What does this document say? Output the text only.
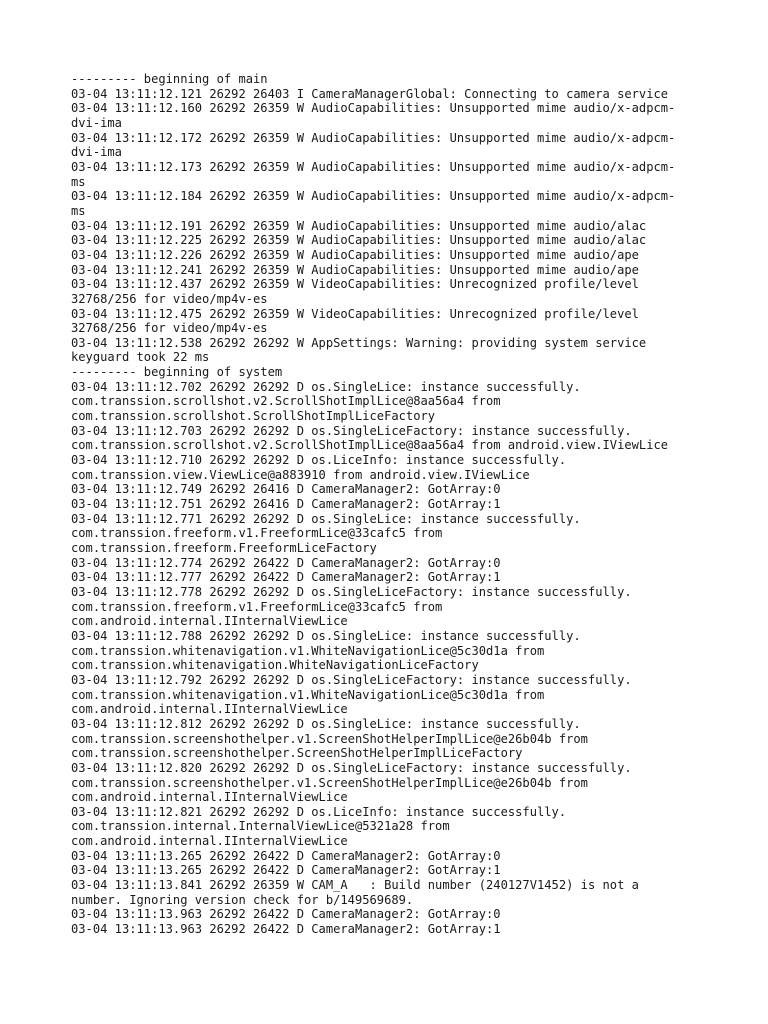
--------- beginning of main

03-04 13:11:12.121 26292 26403 I CameraManagerGlobal: Connecting to camera service

03-04 13:11:12.160 26292 26359 W AudioCapabilities: Unsupported mime audio/x-adpcm-

dvi-ima

03-04 13:11:12.172 26292 26359 W AudioCapabilities: Unsupported mime audio/x-adpcm-

dvi-ima

03-04 13:11:12.173 26292 26359 W AudioCapabilities: Unsupported mime audio/x-adpcm-

ms

03-04 13:11:12.184 26292 26359 W AudioCapabilities: Unsupported mime audio/x-adpcm-

ms

03-04 13:11:12.191 26292 26359 W AudioCapabilities: Unsupported mime audio/alac

03-04 13:11:12.225 26292 26359 W AudioCapabilities: Unsupported mime audio/alac

03-04 13:11:12.226 26292 26359 W AudioCapabilities: Unsupported mime audio/ape

03-04 13:11:12.241 26292 26359 W AudioCapabilities: Unsupported mime audio/ape

03-04 13:11:12.437 26292 26359 W VideoCapabilities: Unrecognized profile/level

32768/256 for video/mp4v-es

03-04 13:11:12.475 26292 26359 W VideoCapabilities: Unrecognized profile/level

32768/256 for video/mp4v-es

03-04 13:11:12.538 26292 26292 W AppSettings: Warning: providing system service

keyguard took 22 ms

--------- beginning of system

03-04 13:11:12.702 26292 26292 D os.SingleLice: instance successfully.

com.transsion.scrollshot.v2.ScrollShotImplLice@8aa56a4 from

com.transsion.scrollshot.ScrollShotImplLiceFactory

03-04 13:11:12.703 26292 26292 D os.SingleLiceFactory: instance successfully.

com.transsion.scrollshot.v2.ScrollShotImplLice@8aa56a4 from android.view.IViewLice

03-04 13:11:12.710 26292 26292 D os.LiceInfo: instance successfully.

com.transsion.view.ViewLice@a883910 from android.view.IViewLice

03-04 13:11:12.749 26292 26416 D CameraManager2: GotArray:0

03-04 13:11:12.751 26292 26416 D CameraManager2: GotArray:1

03-04 13:11:12.771 26292 26292 D os.SingleLice: instance successfully.

com.transsion.freeform.v1.FreeformLice@33cafc5 from

com.transsion.freeform.FreeformLiceFactory

03-04 13:11:12.774 26292 26422 D CameraManager2: GotArray:0

03-04 13:11:12.777 26292 26422 D CameraManager2: GotArray:1

03-04 13:11:12.778 26292 26292 D os.SingleLiceFactory: instance successfully.

com.transsion.freeform.v1.FreeformLice@33cafc5 from

com.android.internal.IInternalViewLice

03-04 13:11:12.788 26292 26292 D os.SingleLice: instance successfully.

com.transsion.whitenavigation.v1.WhiteNavigationLice@5c30d1a from

com.transsion.whitenavigation.WhiteNavigationLiceFactory

03-04 13:11:12.792 26292 26292 D os.SingleLiceFactory: instance successfully.

com.transsion.whitenavigation.v1.WhiteNavigationLice@5c30d1a from

com.android.internal.IInternalViewLice

03-04 13:11:12.812 26292 26292 D os.SingleLice: instance successfully.

com.transsion.screenshothelper.v1.ScreenShotHelperImplLice@e26b04b from

com.transsion.screenshothelper.ScreenShotHelperImplLiceFactory

03-04 13:11:12.820 26292 26292 D os.SingleLiceFactory: instance successfully.

com.transsion.screenshothelper.v1.ScreenShotHelperImplLice@e26b04b from

com.android.internal.IInternalViewLice

03-04 13:11:12.821 26292 26292 D os.LiceInfo: instance successfully.

com.transsion.internal.InternalViewLice@5321a28 from

com.android.internal.IInternalViewLice

03-04 13:11:13.265 26292 26422 D CameraManager2: GotArray:0

03-04 13:11:13.265 26292 26422 D CameraManager2: GotArray:1

03-04 13:11:13.841 26292 26359 W CAM_A   : Build number (240127V1452) is not a

number. Ignoring version check for b/149569689.

03-04 13:11:13.963 26292 26422 D CameraManager2: GotArray:0

03-04 13:11:13.963 26292 26422 D CameraManager2: GotArray:1
